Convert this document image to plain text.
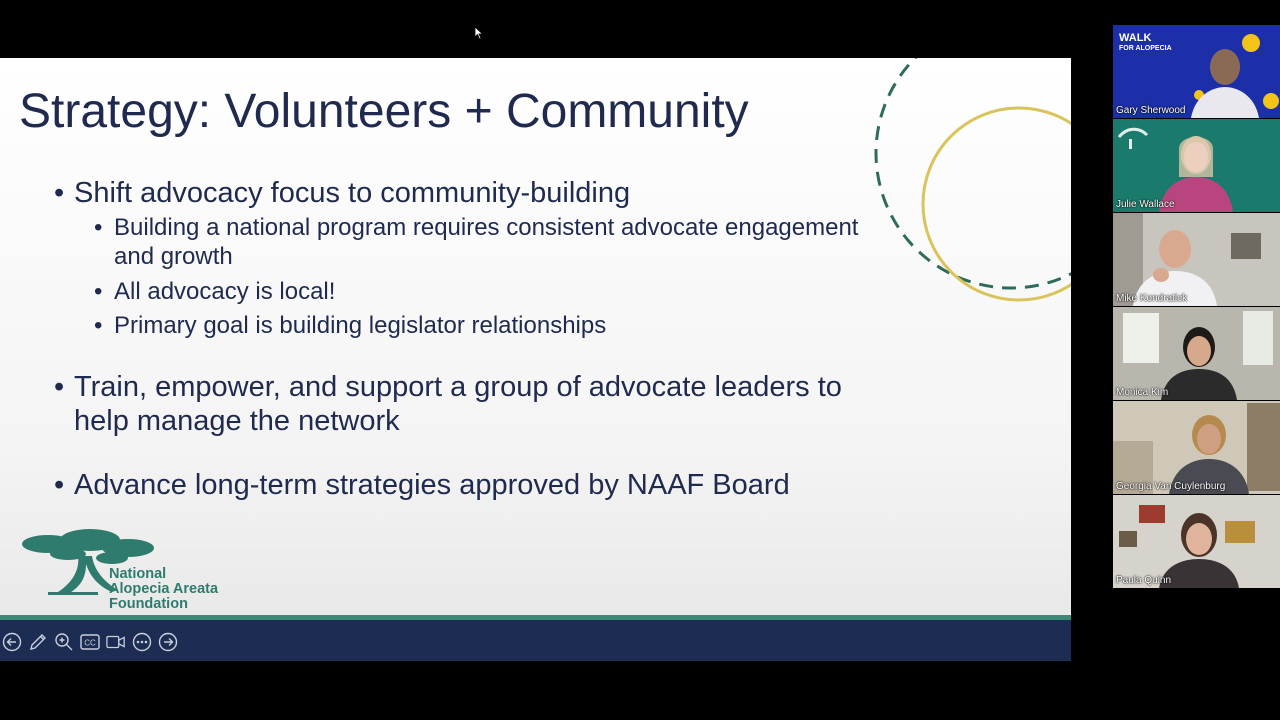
Strategy: Volunteers + Community
• Shift advocacy focus to community-building
• Building a national program requires consistent advocate engagement and growth
• All advocacy is local!
• Primary goal is building legislator relationships
• Train, empower, and support a group of advocate leaders to help manage the network
• Advance long-term strategies approved by NAAF Board
National
Alopecia Areata
Foundation
CC
WALK
FOR ALOPECIA
Gary Sherwood
Julie Wallace
Mike Kondratick
Monica Kim
Georgia Van Cuylenburg
Paula Quinn
